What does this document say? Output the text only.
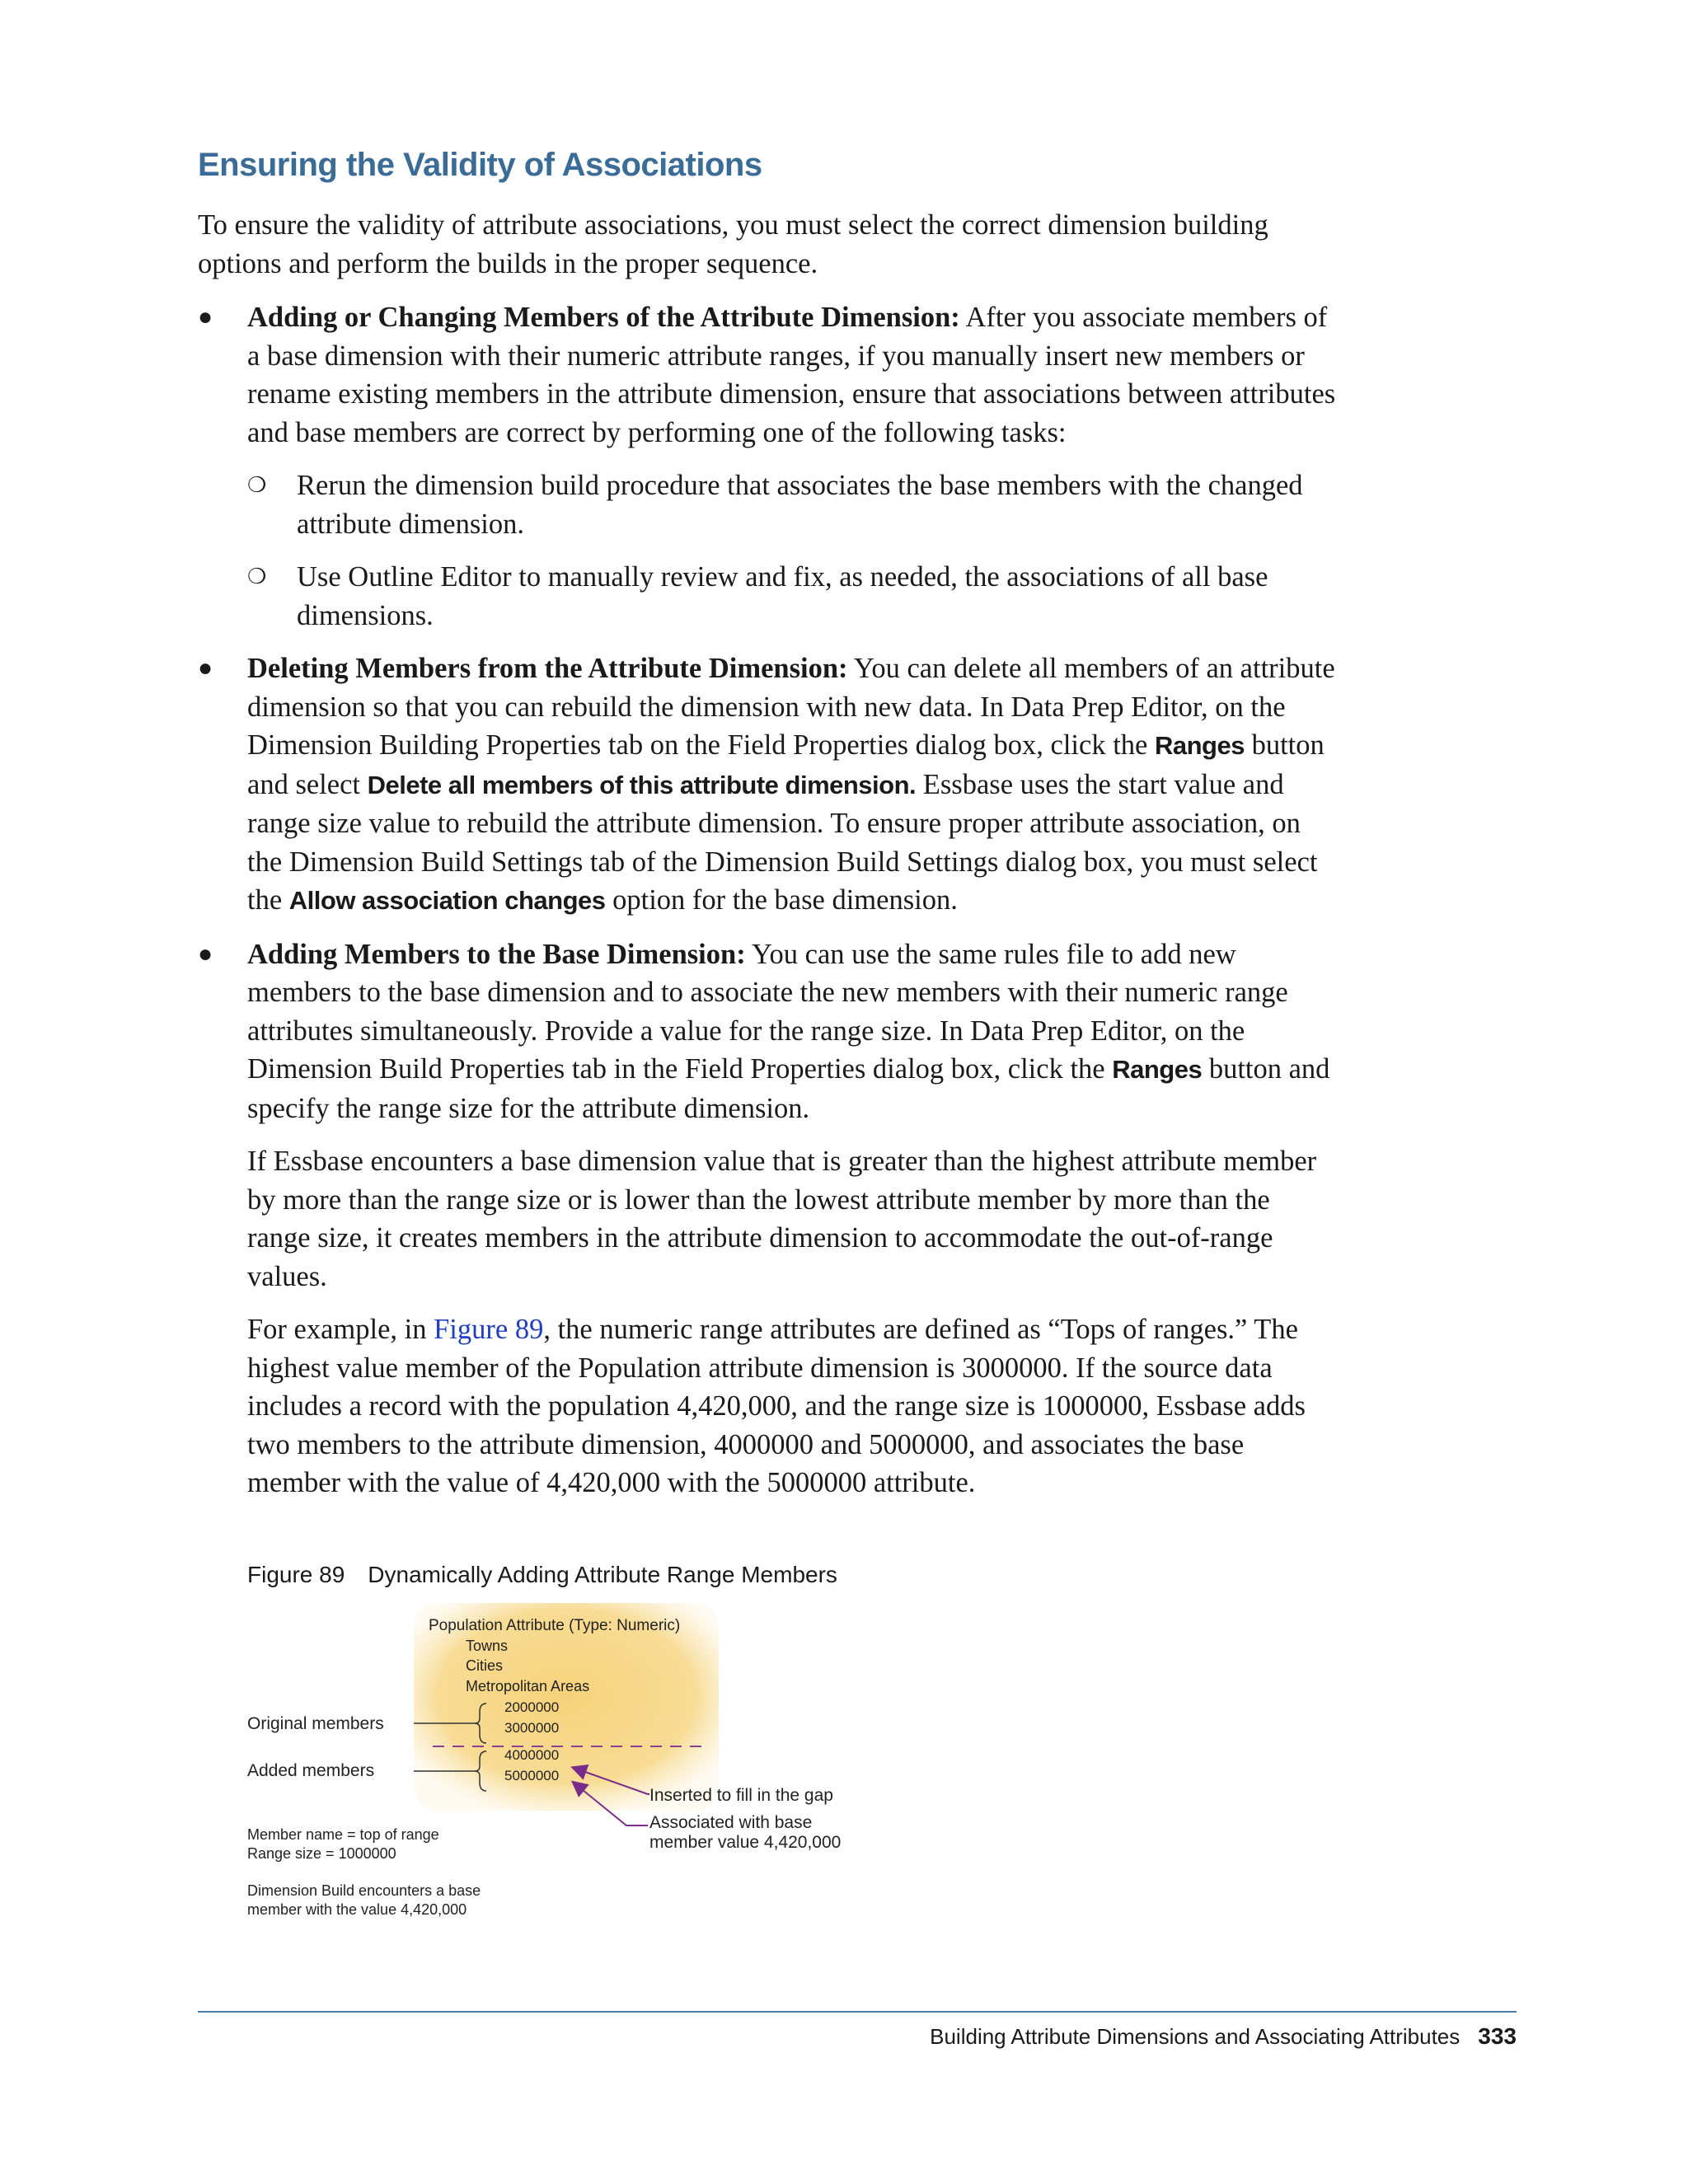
Ensuring the Validity of Associations

To ensure the validity of attribute associations, you must select the correct dimension building options and perform the builds in the proper sequence.

●	Adding or Changing Members of the Attribute Dimension: After you associate members of a base dimension with their numeric attribute ranges, if you manually insert new members or rename existing members in the attribute dimension, ensure that associations between attributes and base members are correct by performing one of the following tasks:
❍ Rerun the dimension build procedure that associates the base members with the changed attribute dimension.
❍ Use Outline Editor to manually review and fix, as needed, the associations of all base dimensions.
●	Deleting Members from the Attribute Dimension: You can delete all members of an attribute dimension so that you can rebuild the dimension with new data. In Data Prep Editor, on the Dimension Building Properties tab on the Field Properties dialog box, click the Ranges button and select Delete all members of this attribute dimension. Essbase uses the start value and range size value to rebuild the attribute dimension. To ensure proper attribute association, on the Dimension Build Settings tab of the Dimension Build Settings dialog box, you must select the Allow association changes option for the base dimension.
●	Adding Members to the Base Dimension: You can use the same rules file to add new members to the base dimension and to associate the new members with their numeric range attributes simultaneously. Provide a value for the range size. In Data Prep Editor, on the Dimension Build Properties tab in the Field Properties dialog box, click the Ranges button and specify the range size for the attribute dimension.

If Essbase encounters a base dimension value that is greater than the highest attribute member by more than the range size or is lower than the lowest attribute member by more than the range size, it creates members in the attribute dimension to accommodate the out-of-range values.

For example, in Figure 89, the numeric range attributes are defined as “Tops of ranges.” The highest value member of the Population attribute dimension is 3000000. If the source data includes a record with the population 4,420,000, and the range size is 1000000, Essbase adds two members to the attribute dimension, 4000000 and 5000000, and associates the base member with the value of 4,420,000 with the 5000000 attribute.

Figure 89 Dynamically Adding Attribute Range Members

Population Attribute (Type: Numeric)
Towns
Cities
Metropolitan Areas
2000000
3000000
4000000
5000000
Original members
Added members
Inserted to fill in the gap
Associated with base
member value 4,420,000
Member name = top of range
Range size = 1000000
Dimension Build encounters a base
member with the value 4,420,000

Building Attribute Dimensions and Associating Attributes 333
